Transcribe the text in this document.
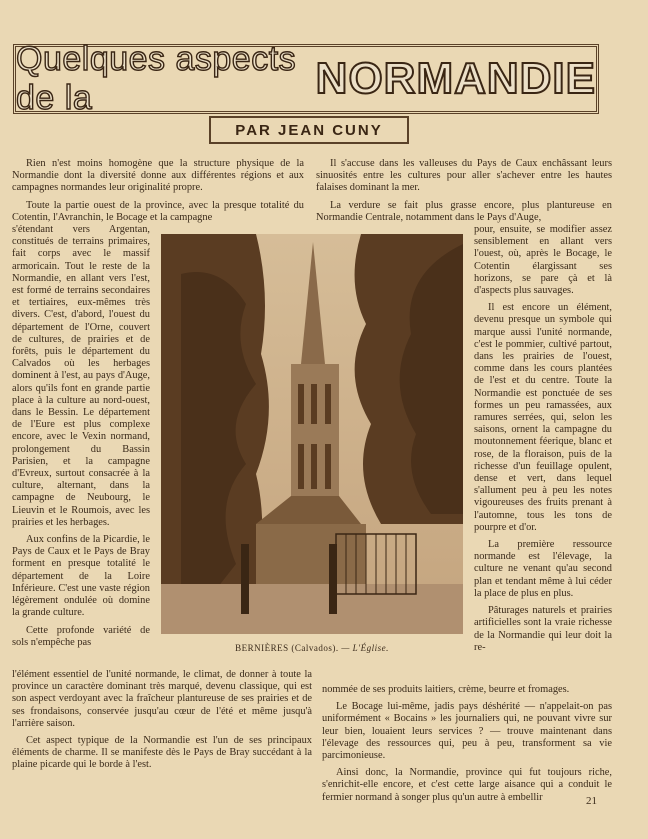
Quelques aspects de la	NORMANDIE
PAR JEAN CUNY

Rien n'est moins homogène que la structure physique de la Normandie dont la diversité donne aux différentes régions et aux campagnes normandes leur originalité propre.

Toute la partie ouest de la province, avec la presque totalité du Cotentin, l'Avranchin, le Bocage et la campagne

Il s'accuse dans les valleuses du Pays de Caux enchâssant leurs sinuosités entre les cultures pour aller s'achever entre les hautes falaises dominant la mer.

La verdure se fait plus grasse encore, plus plantureuse en Normandie Centrale, notamment dans le Pays d'Auge,

s'étendant vers Argentan, constitués de terrains primaires, fait corps avec le massif armoricain. Tout le reste de la Normandie, en allant vers l'est, est formé de terrains secondaires et tertiaires, eux-mêmes très divers. C'est, d'abord, l'ouest du département de l'Orne, couvert de cultures, de prairies et de forêts, puis le département du Calvados où les herbages dominent à l'est, au pays d'Auge, alors qu'ils font en grande partie place à la culture au nord-ouest, dans le Bessin. Le département de l'Eure est plus complexe encore, avec le Vexin normand, prolongement du Bassin Parisien, et la campagne d'Evreux, surtout consacrée à la culture, alternant, dans la campagne de Neubourg, le Lieuvin et le Roumois, avec les prairies et les herbages.

Aux confins de la Picardie, le Pays de Caux et le Pays de Bray forment en presque totalité le département de la Loire Inférieure. C'est une vaste région légèrement ondulée où domine la grande culture.

Cette profonde variété de sols n'empêche pas

pour, ensuite, se modifier assez sensiblement en allant vers l'ouest, où, après le Bocage, le Cotentin élargissant ses horizons, se pare çà et là d'aspects plus sauvages.

Il est encore un élément, devenu presque un symbole qui marque aussi l'unité normande, c'est le pommier, cultivé partout, dans les prairies de l'ouest, comme dans les cours plantées de l'est et du centre. Toute la Normandie est ponctuée de ses formes un peu ramassées, aux ramures serrées, qui, selon les saisons, ornent la campagne du moutonnement féerique, blanc et rose, de la floraison, puis de la richesse d'un feuillage opulent, dense et vert, dans lequel s'allument peu à peu les notes vigoureuses des fruits prenant à l'automne, tous les tons de pourpre et d'or.

La première ressource normande est l'élevage, la culture ne venant qu'au second plan et tendant même à lui céder la place de plus en plus.

Pâturages naturels et prairies artificielles sont la vraie richesse de la Normandie qui leur doit la re-

BERNIÈRES (Calvados). — L'Église.

l'élément essentiel de l'unité normande, le climat, de donner à toute la province un caractère dominant très marqué, devenu classique, qui est son aspect verdoyant avec la fraîcheur plantureuse de ses prairies et de ses frondaisons, conservée jusqu'au cœur de l'été et même jusqu'à l'arrière saison.

Cet aspect typique de la Normandie est l'un de ses principaux éléments de charme. Il se manifeste dès le Pays de Bray succédant à la plaine picarde qui le borde à l'est.

nommée de ses produits laitiers, crème, beurre et fromages.

Le Bocage lui-même, jadis pays déshérité — n'appelait-on pas uniformément « Bocains » les journaliers qui, ne pouvant vivre sur leur bien, louaient leurs services ? — trouve maintenant dans l'élevage des ressources qui, peu à peu, transforment sa vie parcimonieuse.

Ainsi donc, la Normandie, province qui fut toujours riche, s'enrichit-elle encore, et c'est cette large aisance qui a conduit le fermier normand à songer plus qu'un autre à embellir	21
